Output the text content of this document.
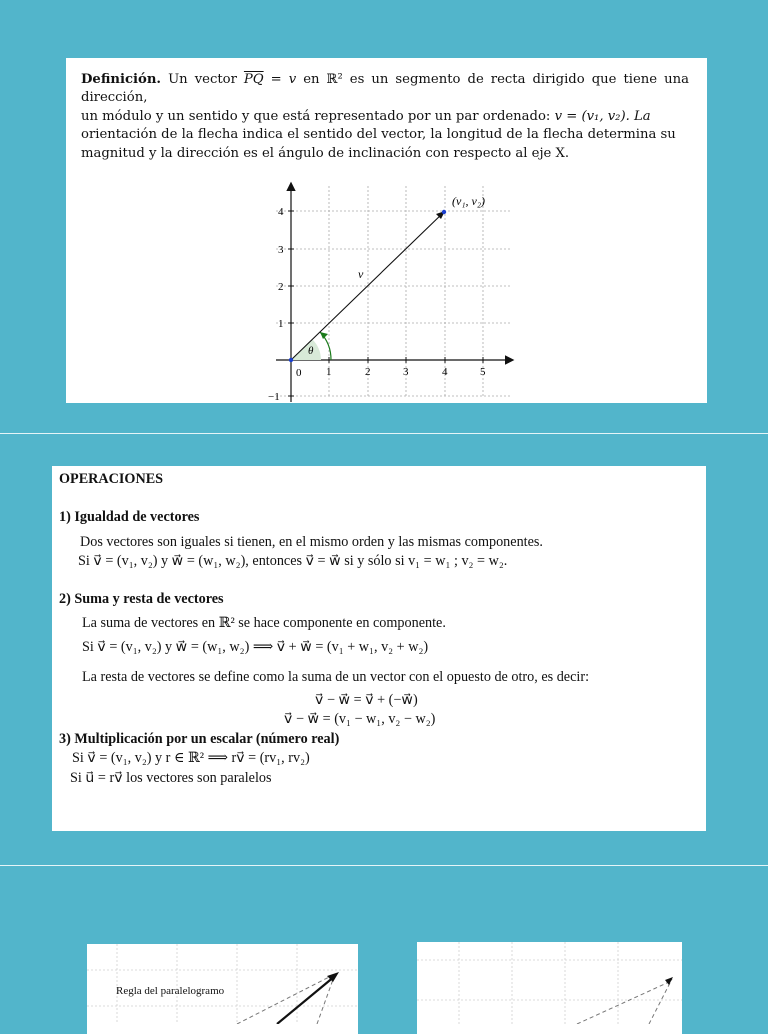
Definición. Un vector $\overline{PQ} = v$ en ℝ² es un segmento de recta dirigido que tiene una dirección,
un módulo y un sentido y que está representado por un par ordenado: v = (v₁, v₂). La
orientación de la flecha indica el sentido del vector, la longitud de la flecha determina su
magnitud y la dirección es el ángulo de inclinación con respecto al eje X.
1	2	3	4	5
4
3
2
1
−1
0
θ
v
(v₁, v₂)
OPERACIONES
1) Igualdad de vectores
Dos vectores son iguales si tienen, en el mismo orden y las mismas componentes.
Si v⃗ = (v₁, v₂) y w⃗ = (w₁, w₂), entonces v⃗ = w⃗ si y sólo si v₁ = w₁ ; v₂ = w₂.
2) Suma y resta de vectores
La suma de vectores en ℝ² se hace componente en componente.
Si v⃗ = (v₁, v₂) y w⃗ = (w₁, w₂) ⟹ v⃗ + w⃗ = (v₁ + w₁, v₂ + w₂)
La resta de vectores se define como la suma de un vector con el opuesto de otro, es decir:
v⃗ − w⃗ = v⃗ + (−w⃗)
v⃗ − w⃗ = (v₁ − w₁, v₂ − w₂)
3) Multiplicación por un escalar (número real)
Si v⃗ = (v₁, v₂) y r ∈ ℝ² ⟹ rv⃗ = (rv₁, rv₂)
Si u⃗ = rv⃗ los vectores son paralelos
Regla del paralelogramo
